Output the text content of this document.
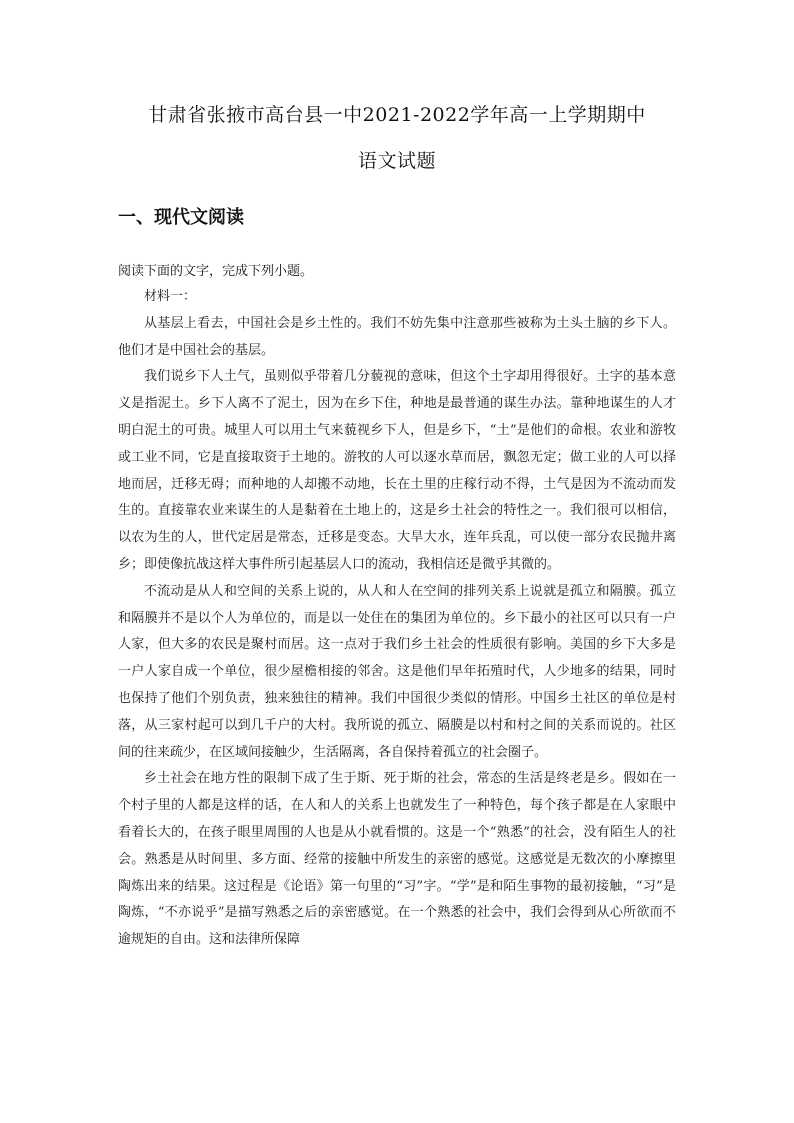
甘肃省张掖市高台县一中2021-2022学年高一上学期期中
语文试题
一、现代文阅读
阅读下面的文字，完成下列小题。

材料一：

从基层上看去，中国社会是乡土性的。我们不妨先集中注意那些被称为土头土脑的乡下人。他们才是中国社会的基层。

我们说乡下人土气，虽则似乎带着几分藐视的意味，但这个土字却用得很好。土字的基本意义是指泥土。乡下人离不了泥土，因为在乡下住，种地是最普通的谋生办法。靠种地谋生的人才明白泥土的可贵。城里人可以用土气来藐视乡下人，但是乡下，“土”是他们的命根。农业和游牧或工业不同，它是直接取资于土地的。游牧的人可以逐水草而居，飘忽无定；做工业的人可以择地而居，迁移无碍；而种地的人却搬不动地，长在土里的庄稼行动不得，土气是因为不流动而发生的。直接靠农业来谋生的人是黏着在土地上的，这是乡土社会的特性之一。我们很可以相信，以农为生的人，世代定居是常态，迁移是变态。大旱大水，连年兵乱，可以使一部分农民抛井离乡；即使像抗战这样大事件所引起基层人口的流动，我相信还是微乎其微的。

不流动是从人和空间的关系上说的，从人和人在空间的排列关系上说就是孤立和隔膜。孤立和隔膜并不是以个人为单位的，而是以一处住在的集团为单位的。乡下最小的社区可以只有一户人家，但大多的农民是聚村而居。这一点对于我们乡土社会的性质很有影响。美国的乡下大多是一户人家自成一个单位，很少屋檐相接的邻舍。这是他们早年拓殖时代，人少地多的结果，同时也保持了他们个别负责，独来独往的精神。我们中国很少类似的情形。中国乡土社区的单位是村落，从三家村起可以到几千户的大村。我所说的孤立、隔膜是以村和村之间的关系而说的。社区间的往来疏少，在区域间接触少，生活隔离，各自保持着孤立的社会圈子。

乡土社会在地方性的限制下成了生于斯、死于斯的社会，常态的生活是终老是乡。假如在一个村子里的人都是这样的话，在人和人的关系上也就发生了一种特色，每个孩子都是在人家眼中看着长大的，在孩子眼里周围的人也是从小就看惯的。这是一个“熟悉”的社会，没有陌生人的社会。熟悉是从时间里、多方面、经常的接触中所发生的亲密的感觉。这感觉是无数次的小摩擦里陶炼出来的结果。这过程是《论语》第一句里的“习”字。“学”是和陌生事物的最初接触，“习”是陶炼，“不亦说乎”是描写熟悉之后的亲密感觉。在一个熟悉的社会中，我们会得到从心所欲而不逾规矩的自由。这和法律所保障
